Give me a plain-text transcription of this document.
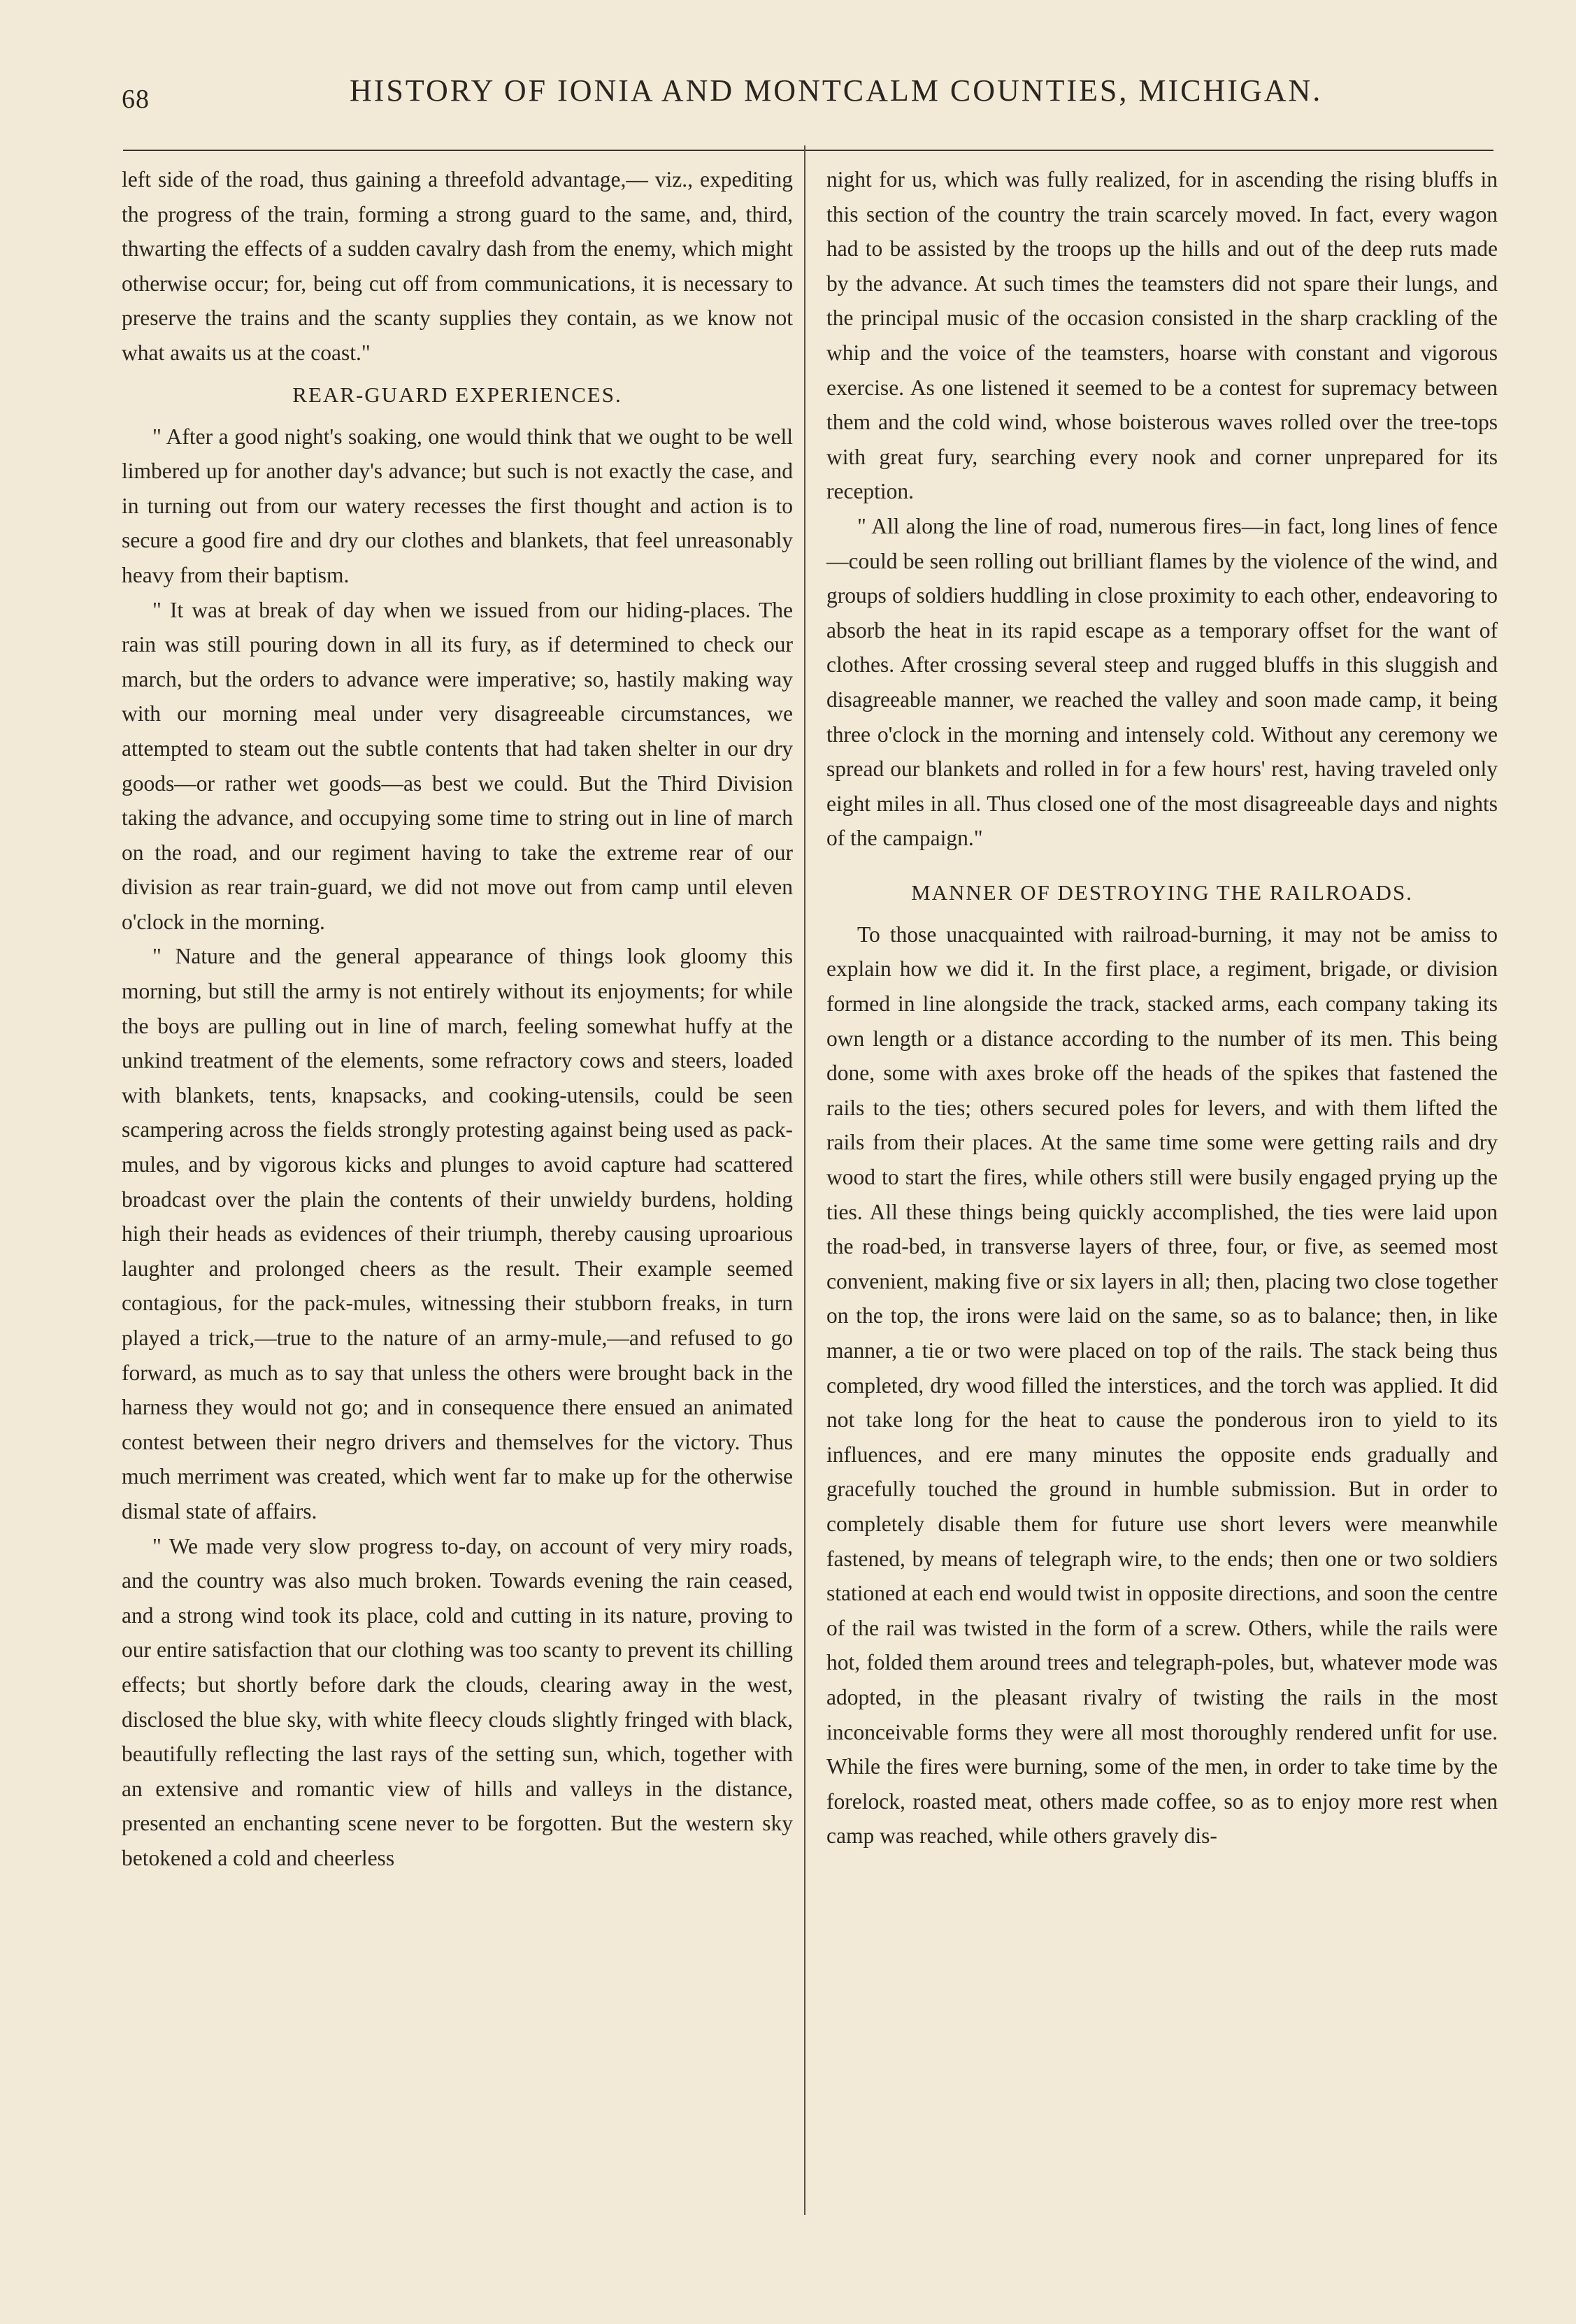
68	HISTORY OF IONIA AND MONTCALM COUNTIES, MICHIGAN.

left side of the road, thus gaining a threefold advantage,— viz., expediting the progress of the train, forming a strong guard to the same, and, third, thwarting the effects of a sudden cavalry dash from the enemy, which might otherwise occur; for, being cut off from communications, it is necessary to preserve the trains and the scanty supplies they contain, as we know not what awaits us at the coast."

REAR-GUARD EXPERIENCES.

" After a good night's soaking, one would think that we ought to be well limbered up for another day's advance; but such is not exactly the case, and in turning out from our watery recesses the first thought and action is to secure a good fire and dry our clothes and blankets, that feel unreasonably heavy from their baptism.

" It was at break of day when we issued from our hiding-places. The rain was still pouring down in all its fury, as if determined to check our march, but the orders to advance were imperative; so, hastily making way with our morning meal under very disagreeable circumstances, we attempted to steam out the subtle contents that had taken shelter in our dry goods—or rather wet goods—as best we could. But the Third Division taking the advance, and occupying some time to string out in line of march on the road, and our regiment having to take the extreme rear of our division as rear train-guard, we did not move out from camp until eleven o'clock in the morning.

" Nature and the general appearance of things look gloomy this morning, but still the army is not entirely without its enjoyments; for while the boys are pulling out in line of march, feeling somewhat huffy at the unkind treatment of the elements, some refractory cows and steers, loaded with blankets, tents, knapsacks, and cooking-utensils, could be seen scampering across the fields strongly protesting against being used as pack-mules, and by vigorous kicks and plunges to avoid capture had scattered broadcast over the plain the contents of their unwieldy burdens, holding high their heads as evidences of their triumph, thereby causing uproarious laughter and prolonged cheers as the result. Their example seemed contagious, for the pack-mules, witnessing their stubborn freaks, in turn played a trick,—true to the nature of an army-mule,—and refused to go forward, as much as to say that unless the others were brought back in the harness they would not go; and in consequence there ensued an animated contest between their negro drivers and themselves for the victory. Thus much merriment was created, which went far to make up for the otherwise dismal state of affairs.

" We made very slow progress to-day, on account of very miry roads, and the country was also much broken. Towards evening the rain ceased, and a strong wind took its place, cold and cutting in its nature, proving to our entire satisfaction that our clothing was too scanty to prevent its chilling effects; but shortly before dark the clouds, clearing away in the west, disclosed the blue sky, with white fleecy clouds slightly fringed with black, beautifully reflecting the last rays of the setting sun, which, together with an extensive and romantic view of hills and valleys in the distance, presented an enchanting scene never to be forgotten. But the western sky betokened a cold and cheerless

night for us, which was fully realized, for in ascending the rising bluffs in this section of the country the train scarcely moved. In fact, every wagon had to be assisted by the troops up the hills and out of the deep ruts made by the advance. At such times the teamsters did not spare their lungs, and the principal music of the occasion consisted in the sharp crackling of the whip and the voice of the teamsters, hoarse with constant and vigorous exercise. As one listened it seemed to be a contest for supremacy between them and the cold wind, whose boisterous waves rolled over the tree-tops with great fury, searching every nook and corner unprepared for its reception.

" All along the line of road, numerous fires—in fact, long lines of fence—could be seen rolling out brilliant flames by the violence of the wind, and groups of soldiers huddling in close proximity to each other, endeavoring to absorb the heat in its rapid escape as a temporary offset for the want of clothes. After crossing several steep and rugged bluffs in this sluggish and disagreeable manner, we reached the valley and soon made camp, it being three o'clock in the morning and intensely cold. Without any ceremony we spread our blankets and rolled in for a few hours' rest, having traveled only eight miles in all. Thus closed one of the most disagreeable days and nights of the campaign."

MANNER OF DESTROYING THE RAILROADS.

To those unacquainted with railroad-burning, it may not be amiss to explain how we did it. In the first place, a regiment, brigade, or division formed in line alongside the track, stacked arms, each company taking its own length or a distance according to the number of its men. This being done, some with axes broke off the heads of the spikes that fastened the rails to the ties; others secured poles for levers, and with them lifted the rails from their places. At the same time some were getting rails and dry wood to start the fires, while others still were busily engaged prying up the ties. All these things being quickly accomplished, the ties were laid upon the road-bed, in transverse layers of three, four, or five, as seemed most convenient, making five or six layers in all; then, placing two close together on the top, the irons were laid on the same, so as to balance; then, in like manner, a tie or two were placed on top of the rails. The stack being thus completed, dry wood filled the interstices, and the torch was applied. It did not take long for the heat to cause the ponderous iron to yield to its influences, and ere many minutes the opposite ends gradually and gracefully touched the ground in humble submission. But in order to completely disable them for future use short levers were meanwhile fastened, by means of telegraph wire, to the ends; then one or two soldiers stationed at each end would twist in opposite directions, and soon the centre of the rail was twisted in the form of a screw. Others, while the rails were hot, folded them around trees and telegraph-poles, but, whatever mode was adopted, in the pleasant rivalry of twisting the rails in the most inconceivable forms they were all most thoroughly rendered unfit for use. While the fires were burning, some of the men, in order to take time by the forelock, roasted meat, others made coffee, so as to enjoy more rest when camp was reached, while others gravely dis-
